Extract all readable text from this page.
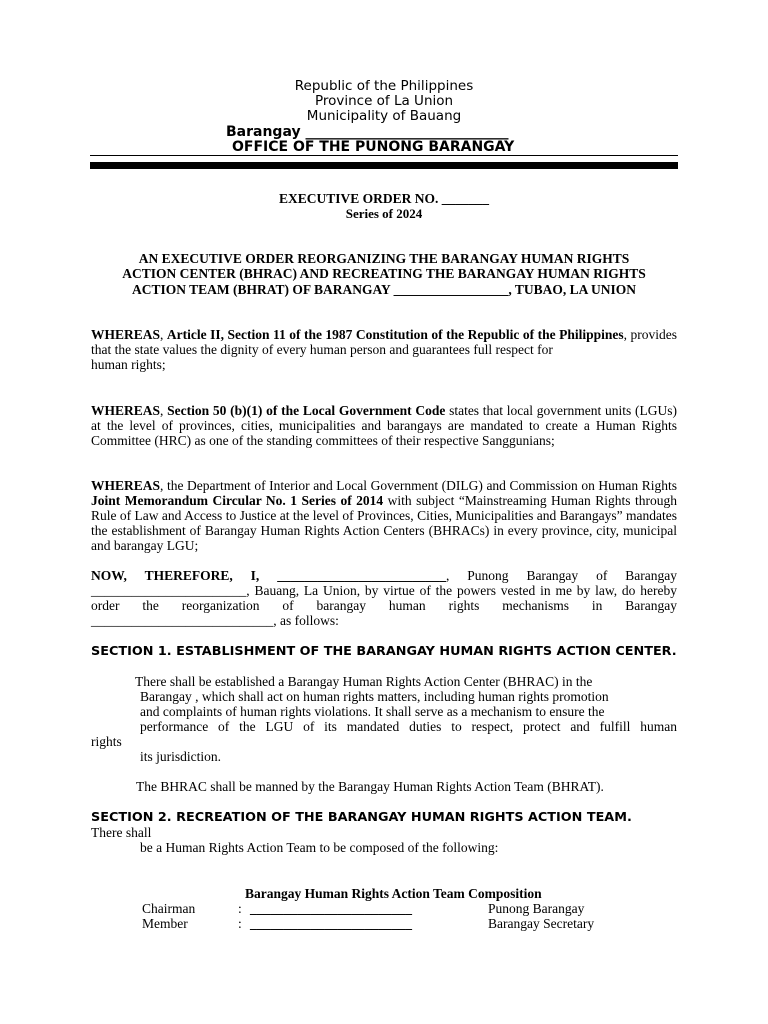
Republic of the Philippines
Province of La Union
Municipality of Bauang
Barangay _____________________________
OFFICE OF THE PUNONG BARANGAY
EXECUTIVE ORDER NO. _______
Series of 2024
AN EXECUTIVE ORDER REORGANIZING THE BARANGAY HUMAN RIGHTS
ACTION CENTER (BHRAC) AND RECREATING THE BARANGAY HUMAN RIGHTS
ACTION TEAM (BHRAT) OF BARANGAY _________________, TUBAO, LA UNION
WHEREAS, Article II, Section 11 of the 1987 Constitution of the Republic of the Philippines, provides that the state values the dignity of every human person and guarantees full respect for
human rights;
WHEREAS, Section 50 (b)(1) of the Local Government Code states that local government units (LGUs) at the level of provinces, cities, municipalities and barangays are mandated to create a Human Rights Committee (HRC) as one of the standing committees of their respective Sanggunians;
WHEREAS, the Department of Interior and Local Government (DILG) and Commission on Human Rights Joint Memorandum Circular No. 1 Series of 2014 with subject “Mainstreaming Human Rights through Rule of Law and Access to Justice at the level of Provinces, Cities, Municipalities and Barangays” mandates the establishment of Barangay Human Rights Action Centers (BHRACs) in every province, city, municipal and barangay LGU;
NOW, THEREFORE, I, _________________________, Punong Barangay of Barangay _______________________, Bauang, La Union, by virtue of the powers vested in me by law, do hereby order the reorganization of barangay human rights mechanisms in Barangay ___________________________, as follows:
SECTION 1. ESTABLISHMENT OF THE BARANGAY HUMAN RIGHTS ACTION CENTER.
There shall be established a Barangay Human Rights Action Center (BHRAC) in the
Barangay , which shall act on human rights matters, including human rights promotion
and complaints of human rights violations. It shall serve as a mechanism to ensure the
performance of the LGU of its mandated duties to respect, protect and fulfill human
rights
its jurisdiction.
The BHRAC shall be manned by the Barangay Human Rights Action Team (BHRAT).
SECTION 2. RECREATION OF THE BARANGAY HUMAN RIGHTS ACTION TEAM.
There shall
be a Human Rights Action Team to be composed of the following:
Barangay Human Rights Action Team Composition
Chairman	: ________________________	Punong Barangay
Member	: ________________________	Barangay Secretary
